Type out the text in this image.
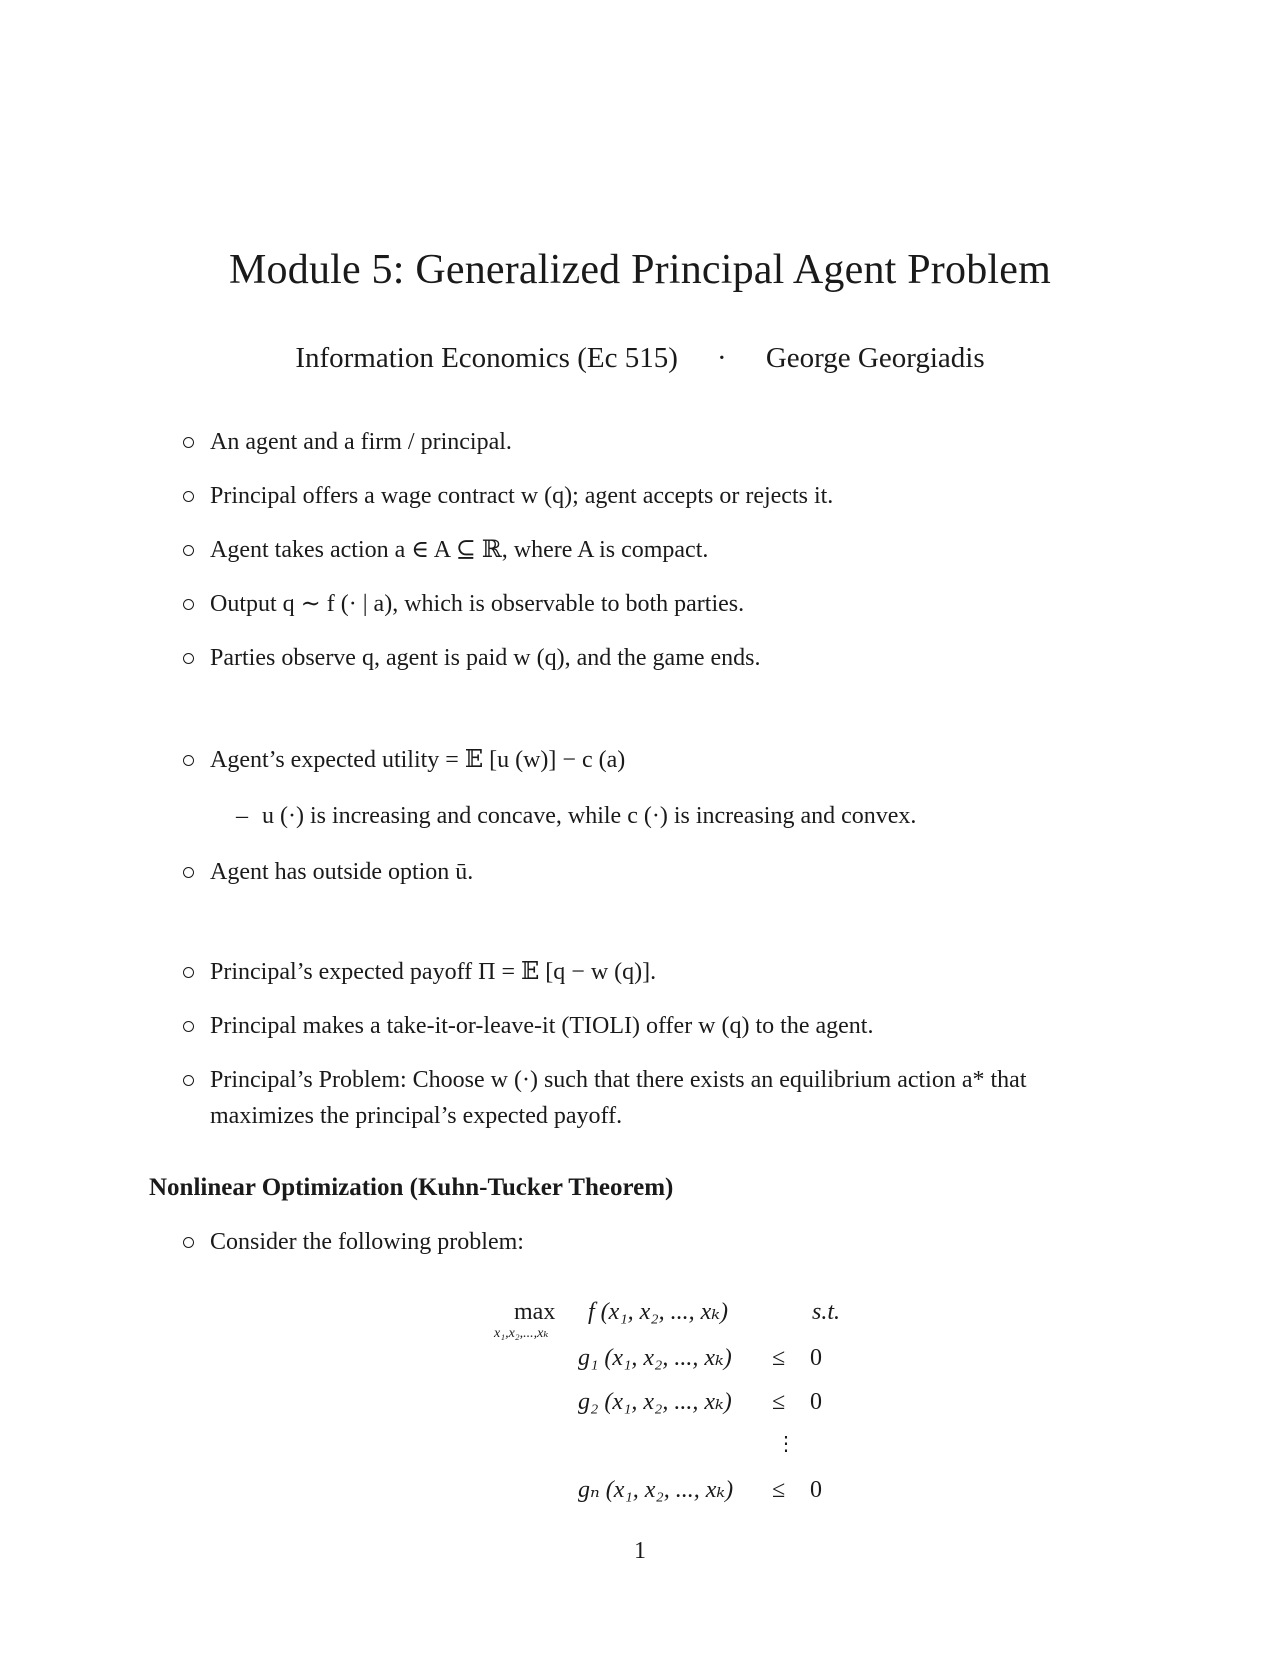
Module 5: Generalized Principal Agent Problem
Information Economics (Ec 515) · George Georgiadis
An agent and a firm / principal.
Principal offers a wage contract w (q); agent accepts or rejects it.
Agent takes action a ∈ A ⊆ ℝ, where A is compact.
Output q ∼ f (· | a), which is observable to both parties.
Parties observe q, agent is paid w (q), and the game ends.
Agent’s expected utility = 𝔼 [u (w)] − c (a)
– u (·) is increasing and concave, while c (·) is increasing and convex.
Agent has outside option ū.
Principal’s expected payoff Π = 𝔼 [q − w (q)].
Principal makes a take-it-or-leave-it (TIOLI) offer w (q) to the agent.
Principal’s Problem: Choose w (·) such that there exists an equilibrium action a* that
maximizes the principal’s expected payoff.
Nonlinear Optimization (Kuhn-Tucker Theorem)
Consider the following problem:
max
x₁,x₂,...,xₖ
f (x₁, x₂, ..., xₖ)	s.t.
g₁ (x₁, x₂, ..., xₖ) ≤ 0
g₂ (x₁, x₂, ..., xₖ) ≤ 0
⋮
gₙ (x₁, x₂, ..., xₖ) ≤ 0
1
